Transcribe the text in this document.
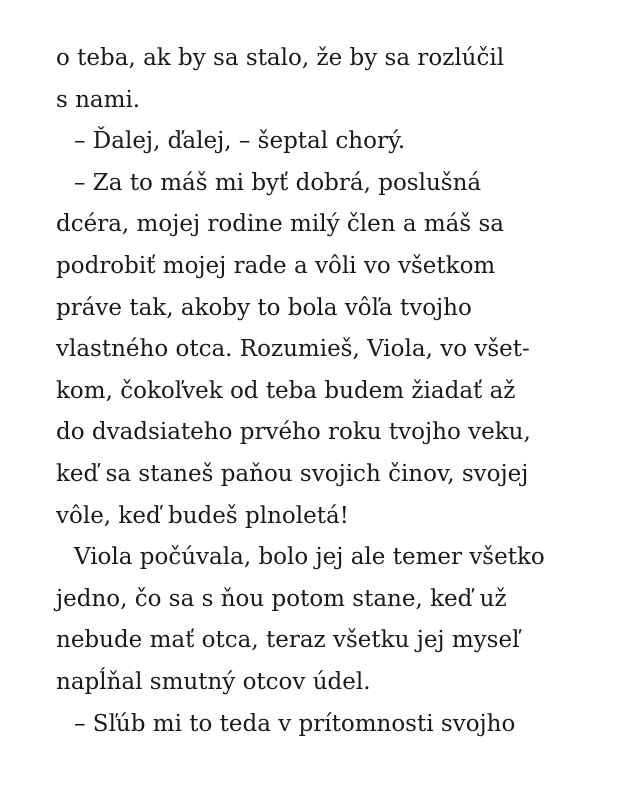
o teba, ak by sa stalo, že by sa rozlúčil
s nami.
– Ďalej, ďalej, – šeptal chorý.
– Za to máš mi byť dobrá, poslušná
dcéra, mojej rodine milý člen a máš sa
podrobiť mojej rade a vôli vo všetkom
práve tak, akoby to bola vôľa tvojho
vlastného otca. Rozumieš, Viola, vo všet-
kom, čokoľvek od teba budem žiadať až
do dvadsiateho prvého roku tvojho veku,
keď sa staneš paňou svojich činov, svojej
vôle, keď budeš plnoletá!
Viola počúvala, bolo jej ale temer všetko
jedno, čo sa s ňou potom stane, keď už
nebude mať otca, teraz všetku jej myseľ
napĺňal smutný otcov údel.
– Sľúb mi to teda v prítomnosti svojho
